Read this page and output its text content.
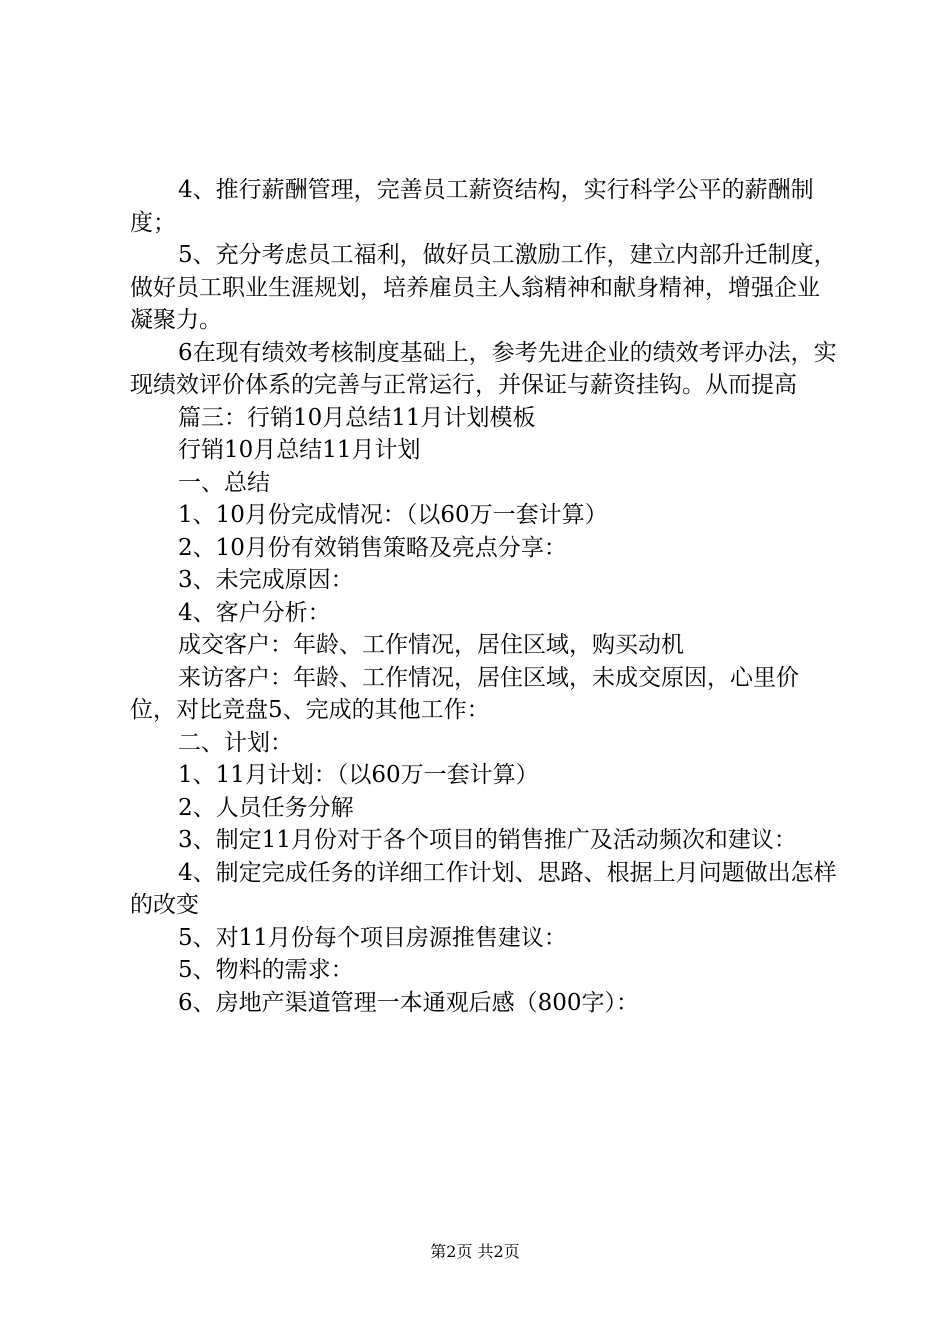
4、推行薪酬管理，完善员工薪资结构，实行科学公平的薪酬制度；

5、充分考虑员工福利，做好员工激励工作，建立内部升迁制度，做好员工职业生涯规划，培养雇员主人翁精神和献身精神，增强企业凝聚力。

6在现有绩效考核制度基础上，参考先进企业的绩效考评办法，实现绩效评价体系的完善与正常运行，并保证与薪资挂钩。从而提高

篇三：行销10月总结11月计划模板

行销10月总结11月计划

一、总结

1、10月份完成情况：（以60万一套计算）

2、10月份有效销售策略及亮点分享：

3、未完成原因：

4、客户分析：

成交客户：年龄、工作情况，居住区域，购买动机

来访客户：年龄、工作情况，居住区域，未成交原因，心里价位，对比竞盘5、完成的其他工作：

二、计划：

1、11月计划：（以60万一套计算）

2、人员任务分解

3、制定11月份对于各个项目的销售推广及活动频次和建议：

4、制定完成任务的详细工作计划、思路、根据上月问题做出怎样的改变

5、对11月份每个项目房源推售建议：

5、物料的需求：

6、房地产渠道管理一本通观后感（800字）：

第2页 共2页
